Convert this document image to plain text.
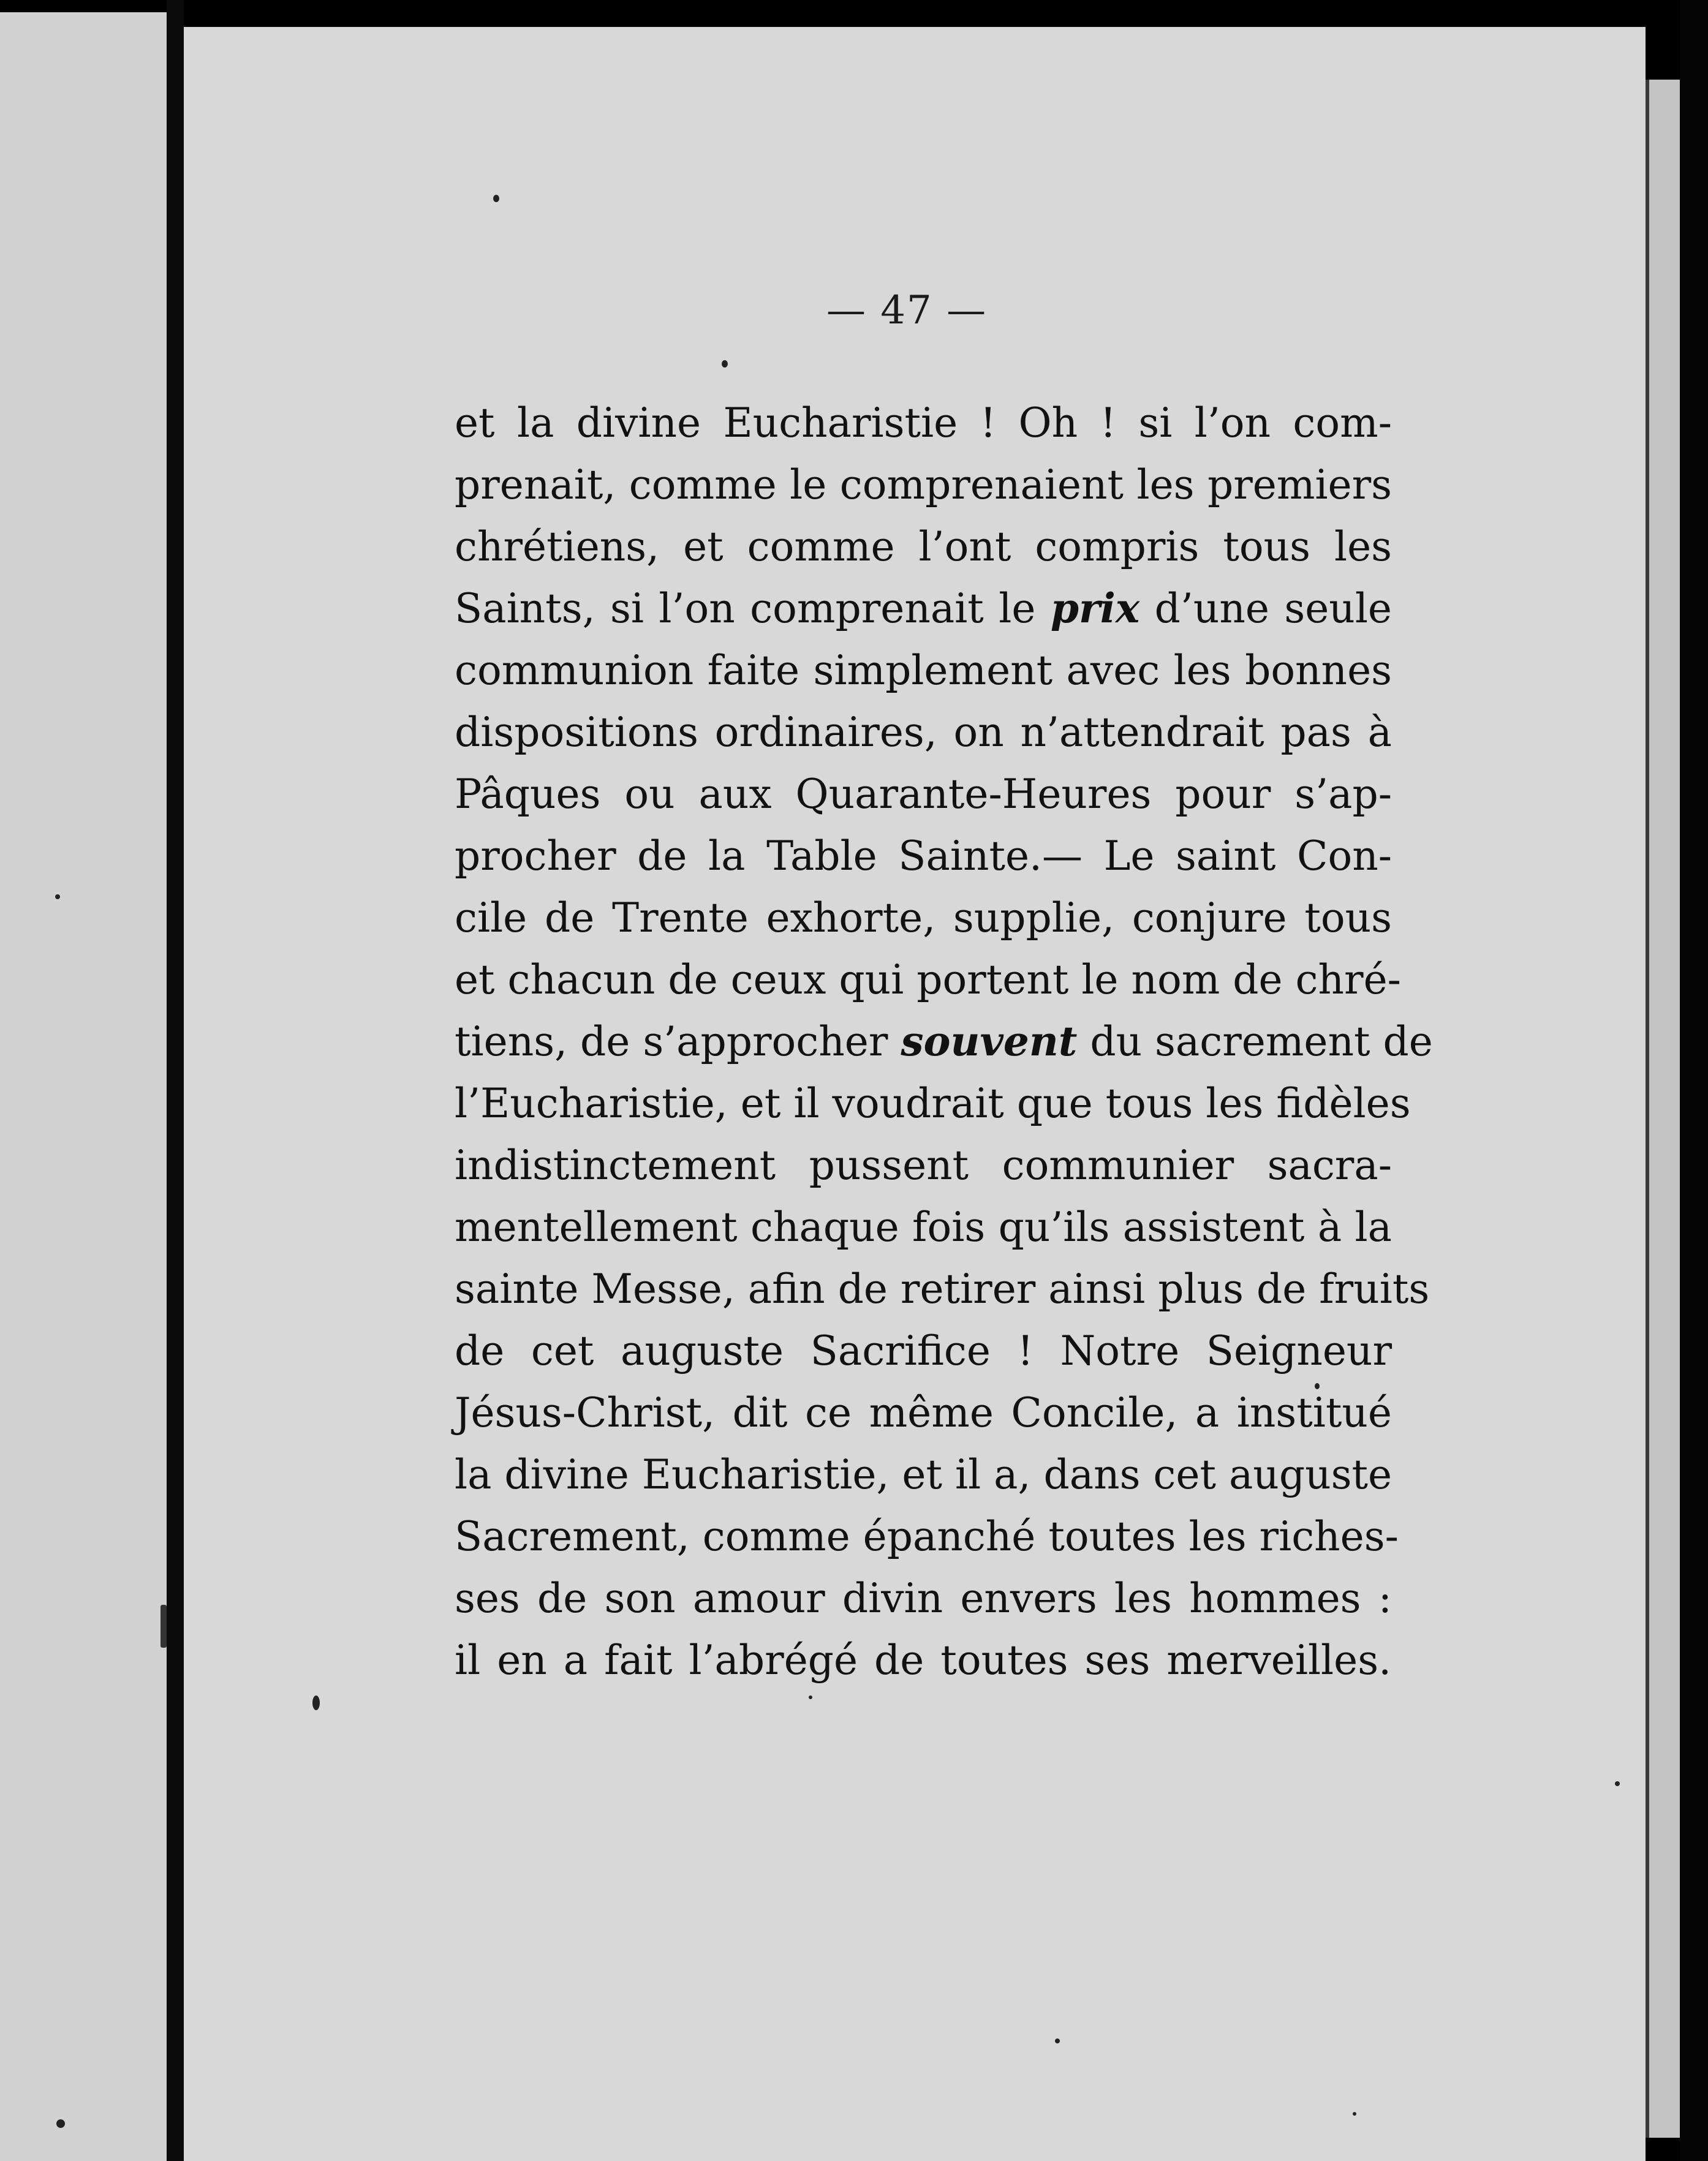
— 47 —
et la divine Eucharistie ! Oh ! si l’on com-
prenait, comme le comprenaient les premiers
chrétiens, et comme l’ont compris tous les
Saints, si l’on comprenait le prix d’une seule
communion faite simplement avec les bonnes
dispositions ordinaires, on n’attendrait pas à
Pâques ou aux Quarante-Heures pour s’ap-
procher de la Table Sainte.— Le saint Con-
cile de Trente exhorte, supplie, conjure tous
et chacun de ceux qui portent le nom de chré-
tiens, de s’approcher souvent du sacrement de
l’Eucharistie, et il voudrait que tous les fidèles
indistinctement pussent communier sacra-
mentellement chaque fois qu’ils assistent à la
sainte Messe, afin de retirer ainsi plus de fruits
de cet auguste Sacrifice ! Notre Seigneur
Jésus-Christ, dit ce même Concile, a institué
la divine Eucharistie, et il a, dans cet auguste
Sacrement, comme épanché toutes les riches-
ses de son amour divin envers les hommes :
il en a fait l’abrégé de toutes ses merveilles.
